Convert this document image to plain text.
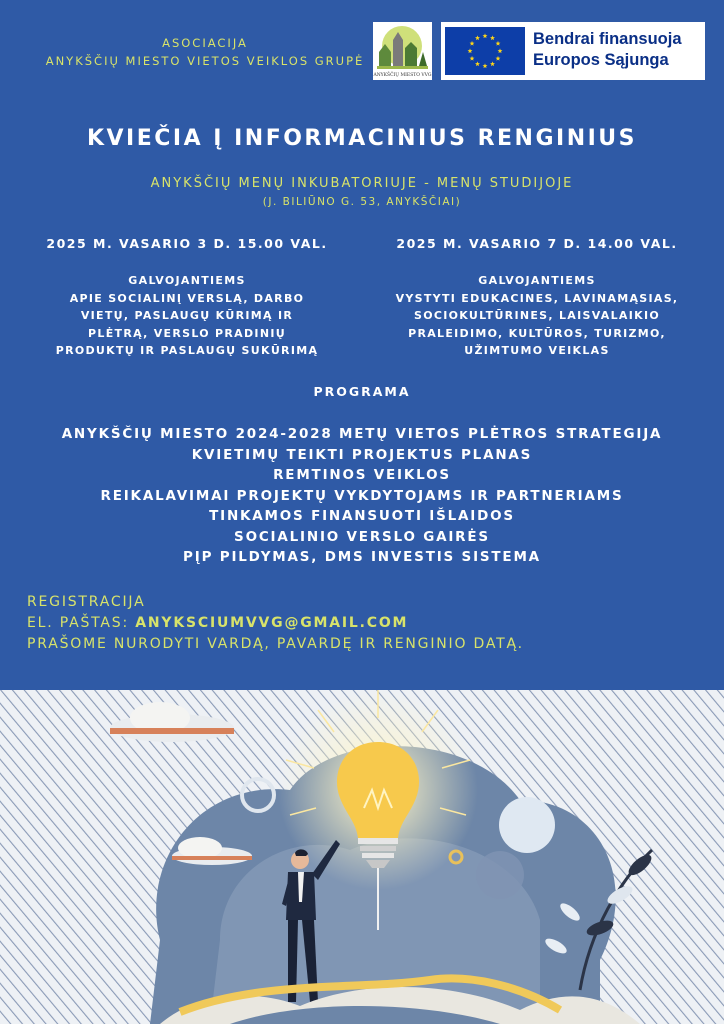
ASOCIACIJA
ANYKŠČIŲ MIESTO VIETOS VEIKLOS GRUPĖ
ANYKŠČIŲ MIESTO VVG
Bendrai finansuoja
Europos Sąjunga
KVIEČIA Į INFORMACINIUS RENGINIUS
ANYKŠČIŲ MENŲ INKUBATORIUJE - MENŲ STUDIJOJE
(J. BILIŪNO G. 53, ANYKŠČIAI)
2025 M. VASARIO 3 D. 15.00 VAL.	2025 M. VASARIO 7 D. 14.00 VAL.
GALVOJANTIEMS
APIE SOCIALINĮ VERSLĄ, DARBO
VIETŲ, PASLAUGŲ KŪRIMĄ IR
PLĖTRĄ, VERSLO PRADINIŲ
PRODUKTŲ IR PASLAUGŲ SUKŪRIMĄ
GALVOJANTIEMS
VYSTYTI EDUKACINES, LAVINAMĄSIAS,
SOCIOKULTŪRINES, LAISVALAIKIO
PRALEIDIMO, KULTŪROS, TURIZMO,
UŽIMTUMO VEIKLAS
PROGRAMA
ANYKŠČIŲ MIESTO 2024-2028 METŲ VIETOS PLĖTROS STRATEGIJA
KVIETIMŲ TEIKTI PROJEKTUS PLANAS
REMTINOS VEIKLOS
REIKALAVIMAI PROJEKTŲ VYKDYTOJAMS IR PARTNERIAMS
TINKAMOS FINANSUOTI IŠLAIDOS
SOCIALINIO VERSLO GAIRĖS
PĮP PILDYMAS, DMS INVESTIS SISTEMA
REGISTRACIJA
EL. PAŠTAS: ANYKSCIUMVVG@GMAIL.COM
PRAŠOME NURODYTI VARDĄ, PAVARDĘ IR RENGINIO DATĄ.
